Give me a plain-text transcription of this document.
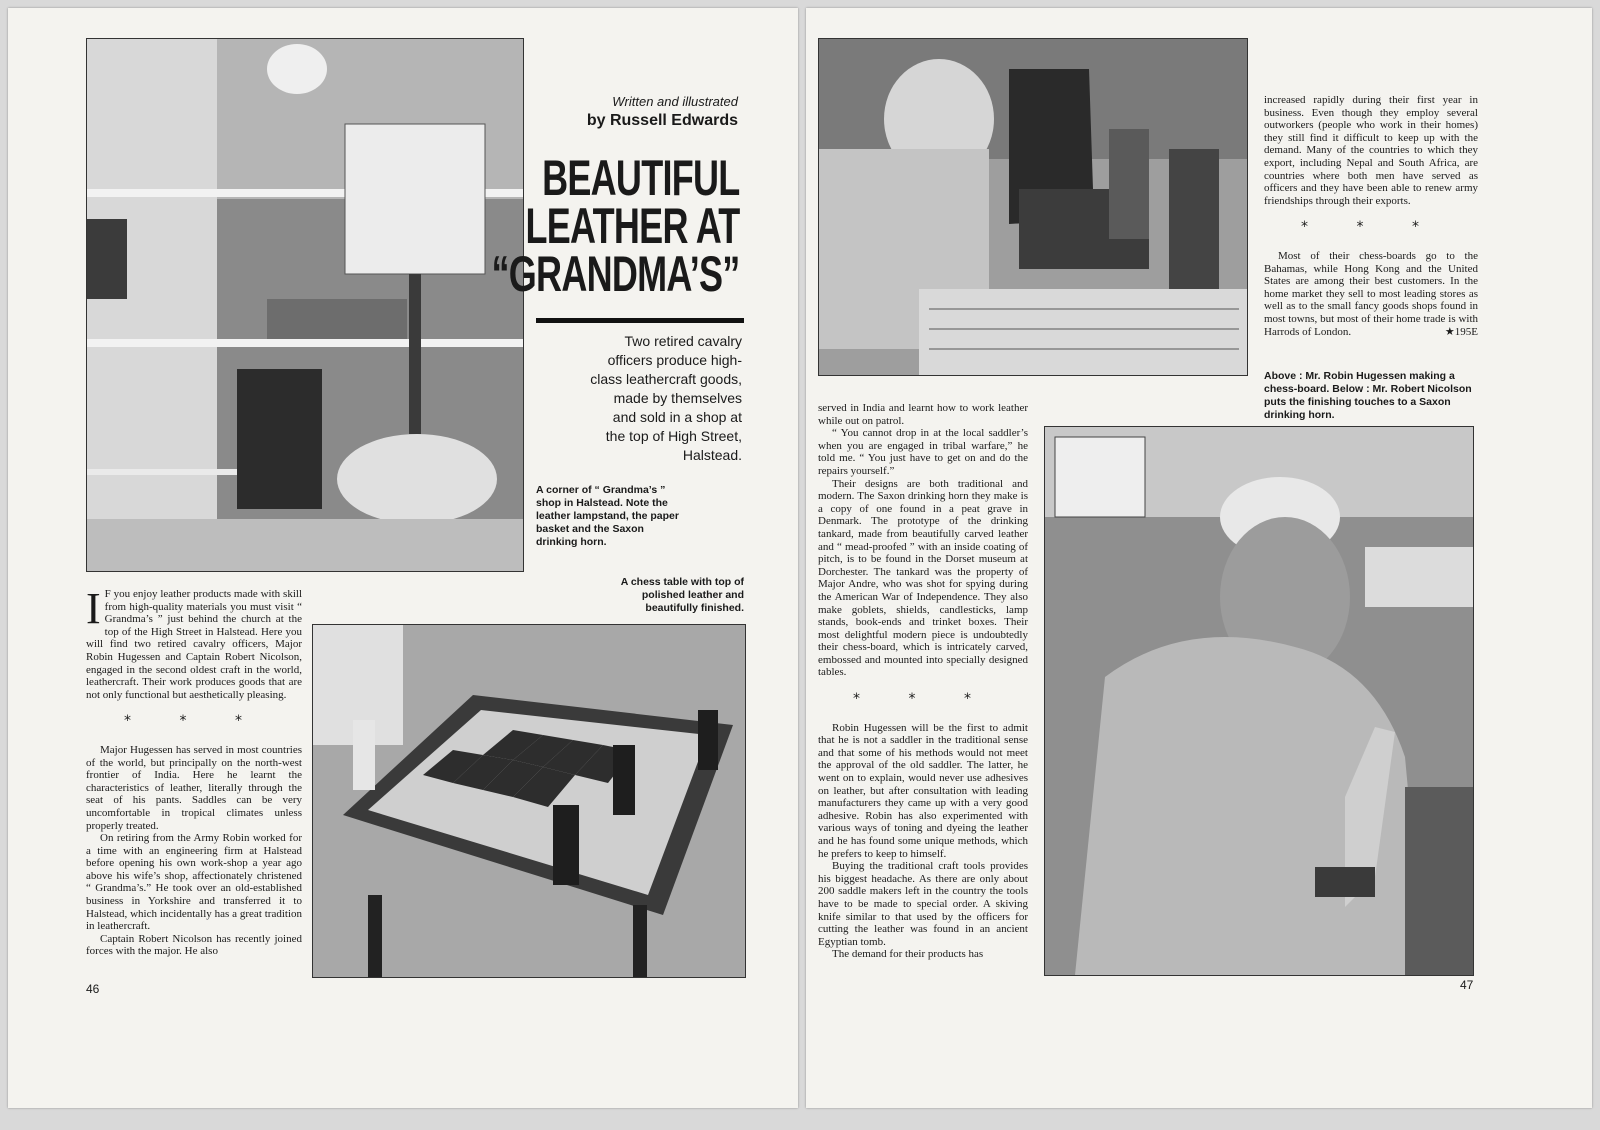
Written and illustrated
by Russell Edwards
BEAUTIFUL
LEATHER AT
“GRANDMA’S”
Two retired cavalry
officers produce high-
class leathercraft goods,
made by themselves
and sold in a shop at
the top of High Street,
Halstead.
A corner of “ Grandma’s ” shop in Halstead. Note the leather lampstand, the paper basket and the Saxon drinking horn.
A chess table with top of polished leather and beautifully finished.

I F you enjoy leather products made with skill from high-quality materials you must visit “ Grandma’s ” just behind the church at the top of the High Street in Halstead. Here you will find two retired cavalry officers, Major Robin Hugessen and Captain Robert Nicolson, engaged in the second oldest craft in the world, leathercraft. Their work produces goods that are not only functional but aesthetically pleasing.

* * *

Major Hugessen has served in most countries of the world, but principally on the north-west frontier of India. Here he learnt the characteristics of leather, literally through the seat of his pants. Saddles can be very uncomfortable in tropical climates unless properly treated.

On retiring from the Army Robin worked for a time with an engineering firm at Halstead before opening his own work-shop a year ago above his wife’s shop, affectionately christened “ Grandma’s.” He took over an old-established business in Yorkshire and transferred it to Halstead, which incidentally has a great tradition in leathercraft.

Captain Robert Nicolson has recently joined forces with the major. He also

46

increased rapidly during their first year in business. Even though they employ several outworkers (people who work in their homes) they still find it difficult to keep up with the demand. Many of the countries to which they export, including Nepal and South Africa, are countries where both men have served as officers and they have been able to renew army friendships through their exports.

* * *

Most of their chess-boards go to the Bahamas, while Hong Kong and the United States are among their best customers. In the home market they sell to most leading stores as well as to the small fancy goods shops found in most towns, but most of their home trade is with Harrods of London.	★195E

Above : Mr. Robin Hugessen making a chess-board. Below : Mr. Robert Nicolson puts the finishing touches to a Saxon drinking horn.

served in India and learnt how to work leather while out on patrol.

“ You cannot drop in at the local saddler’s when you are engaged in tribal warfare,” he told me. “ You just have to get on and do the repairs yourself.”

Their designs are both traditional and modern. The Saxon drinking horn they make is a copy of one found in a peat grave in Denmark. The prototype of the drinking tankard, made from beautifully carved leather and “ mead-proofed ” with an inside coating of pitch, is to be found in the Dorset museum at Dorchester. The tankard was the property of Major Andre, who was shot for spying during the American War of Independence. They also make goblets, shields, candlesticks, lamp stands, book-ends and trinket boxes. Their most delightful modern piece is undoubtedly their chess-board, which is intricately carved, embossed and mounted into specially designed tables.

* * *

Robin Hugessen will be the first to admit that he is not a saddler in the traditional sense and that some of his methods would not meet the approval of the old saddler. The latter, he went on to explain, would never use adhesives on leather, but after consultation with leading manufacturers they came up with a very good adhesive. Robin has also experimented with various ways of toning and dyeing the leather and he has found some unique methods, which he prefers to keep to himself.

Buying the traditional craft tools provides his biggest headache. As there are only about 200 saddle makers left in the country the tools have to be made to special order. A skiving knife similar to that used by the officers for cutting the leather was found in an ancient Egyptian tomb.

The demand for their products has

47
